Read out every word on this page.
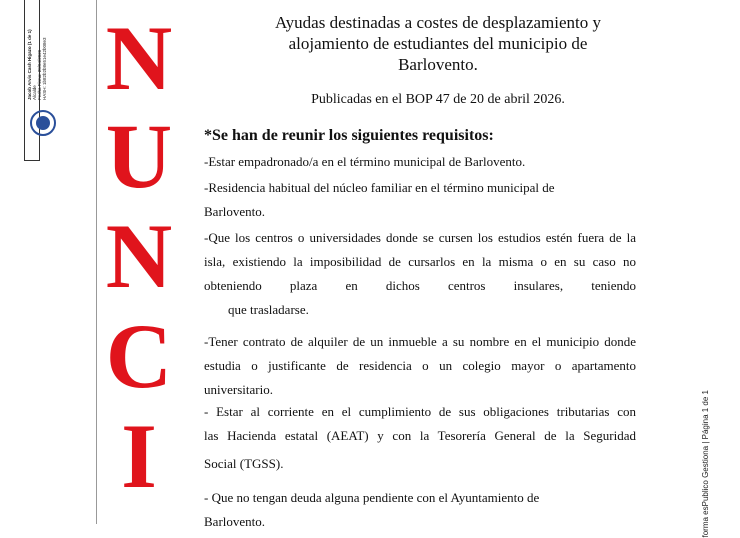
Jacob Arvis Cash Higazo (1 de 1) Alcalde Fecha Firma: 20/04/2026 HASH: 1b82b2b8e51e42b08e3 N
U
N
C
I	forma esPublico Gestiona | Página 1 de 1
Ayudas destinadas a costes de desplazamiento y
alojamiento de estudiantes del municipio de
Barlovento.
Publicadas en el BOP 47 de 20 de abril 2026.
*Se han de reunir los siguientes requisitos:
-Estar empadronado/a en el término municipal de Barlovento.
-Residencia habitual del núcleo familiar en el término municipal de
Barlovento.
-Que los centros o universidades donde se cursen los estudios estén fuera de la
isla, existiendo la imposibilidad de cursarlos en la misma o en su caso no
obteniendo plaza en dichos centros insulares, teniendo
que trasladarse.
-Tener contrato de alquiler de un inmueble a su nombre en el municipio donde
estudia o justificante de residencia o un colegio mayor o apartamento
universitario.
- Estar al corriente en el cumplimiento de sus obligaciones tributarias con
las Hacienda estatal (AEAT) y con la Tesorería General de la Seguridad
Social (TGSS).
- Que no tengan deuda alguna pendiente con el Ayuntamiento de
Barlovento.
